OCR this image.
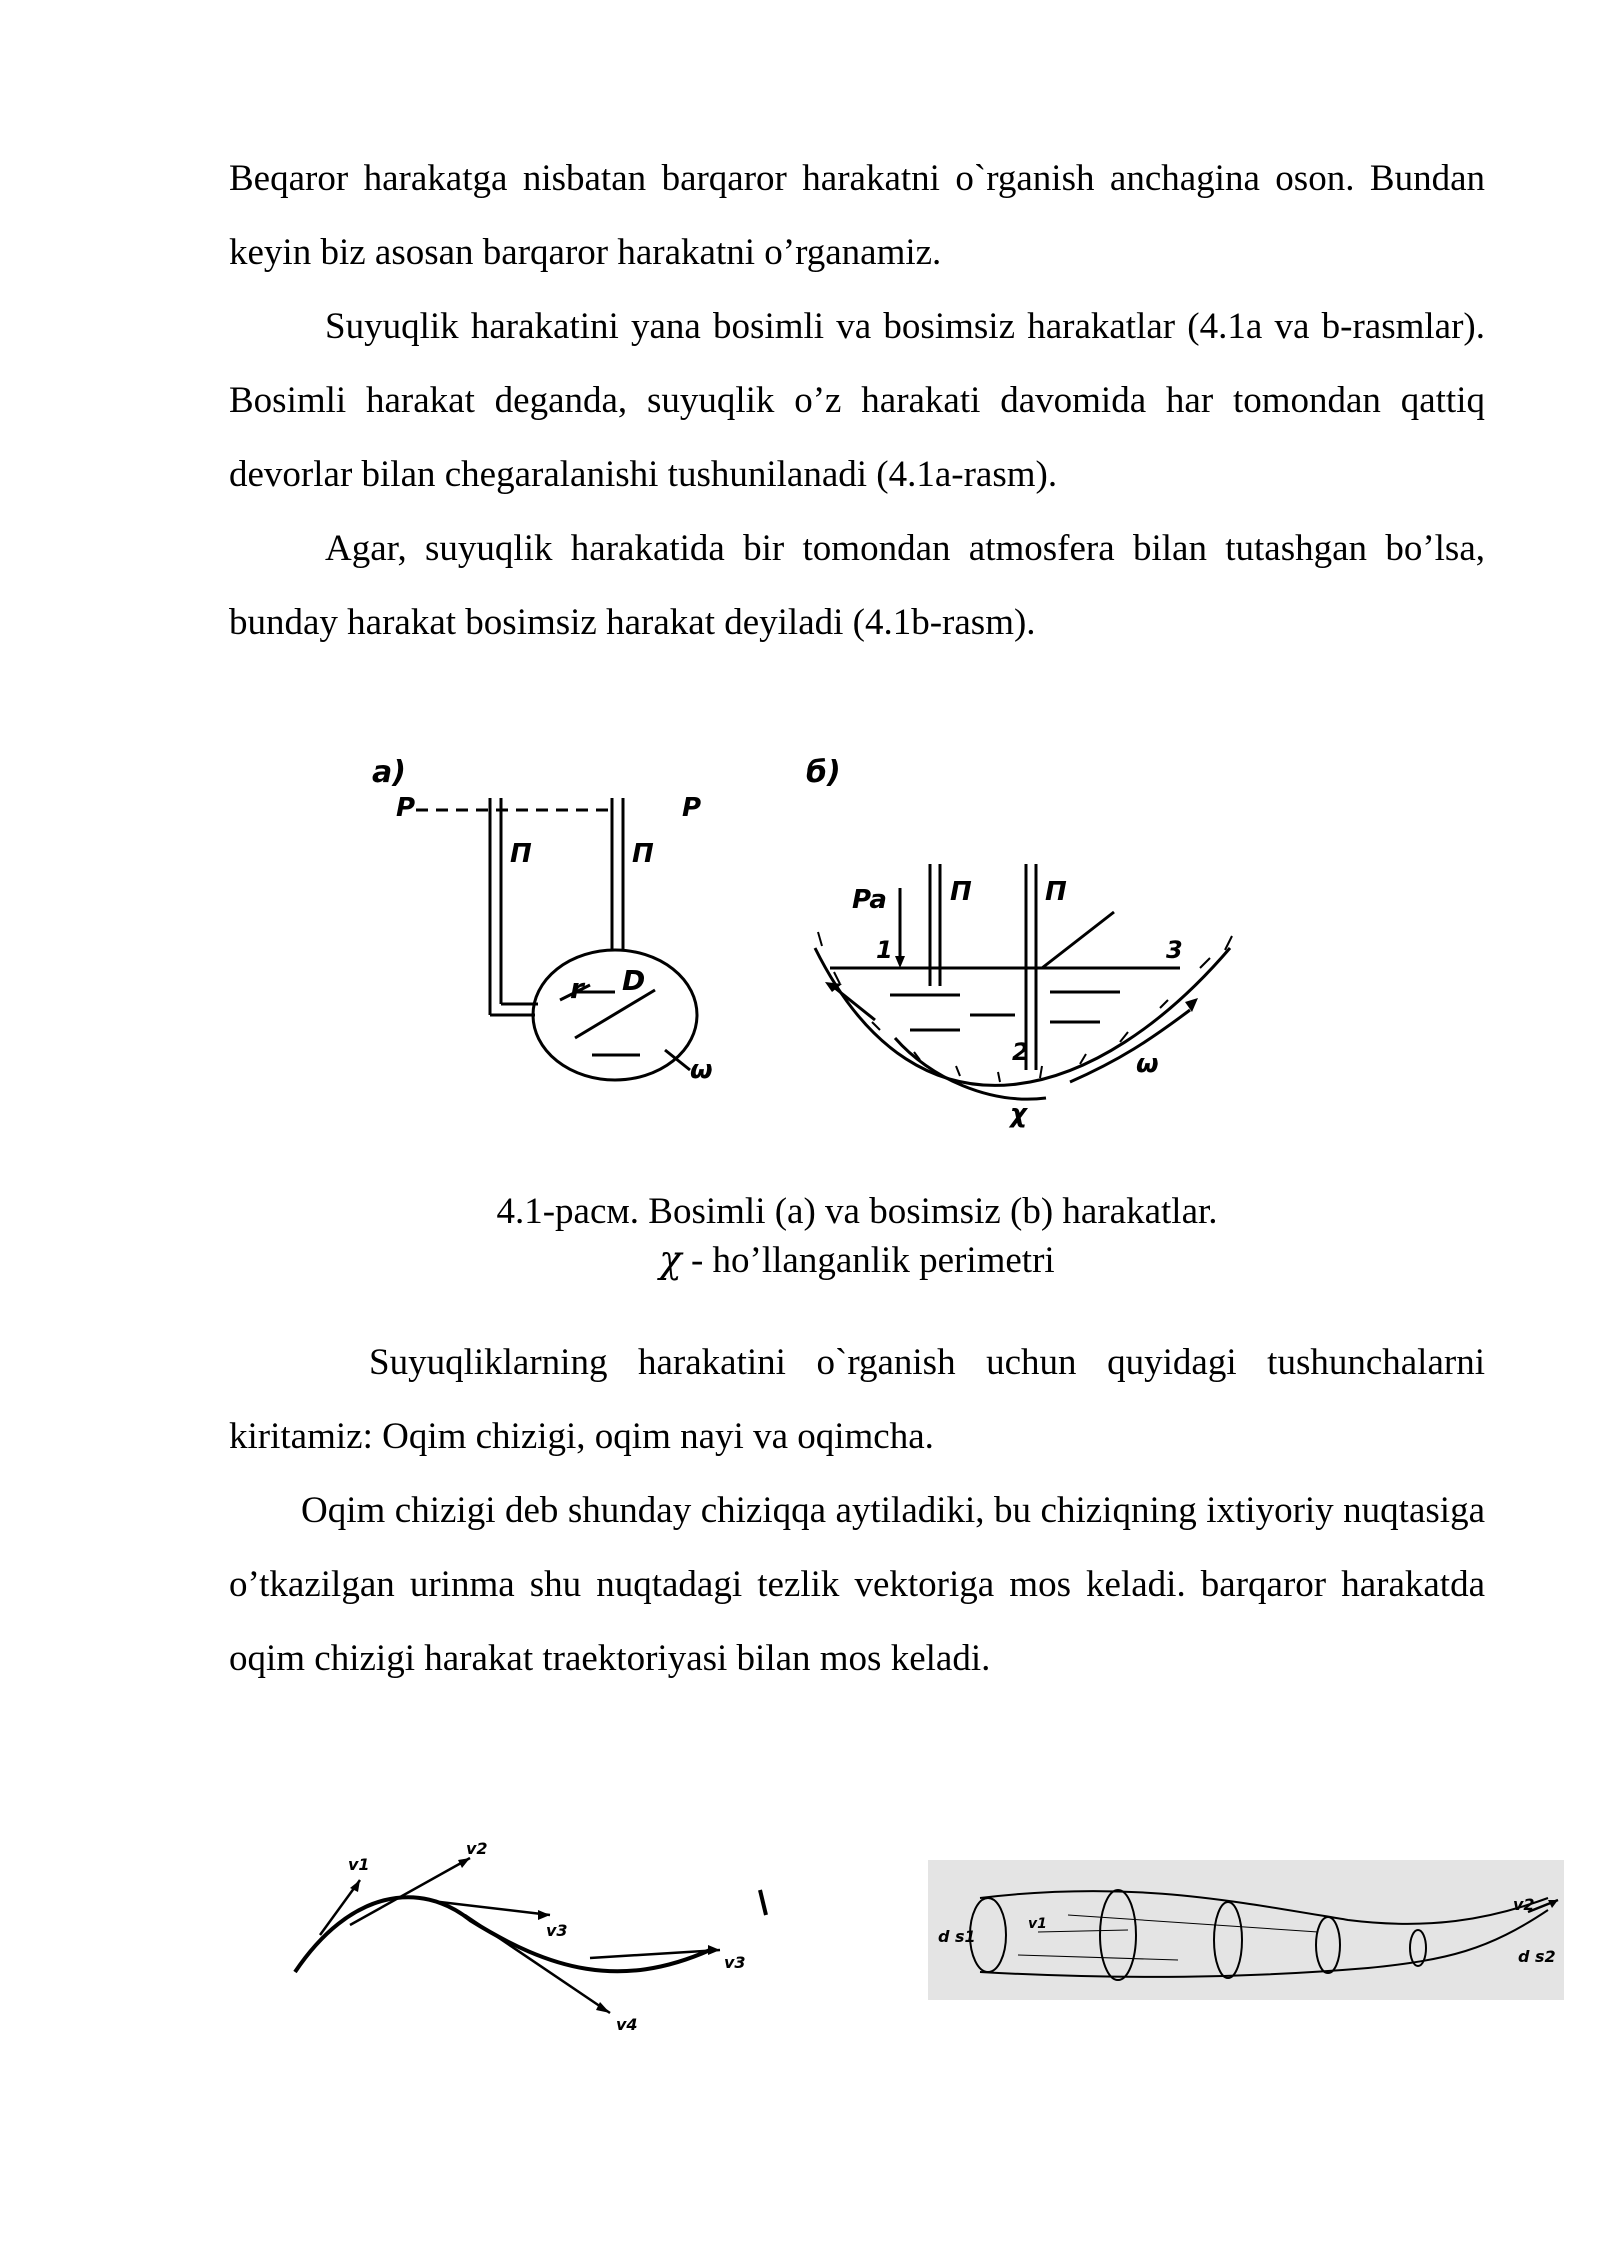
Beqaror harakatga nisbatan barqaror harakatni o`rganish anchagina oson. Bundan keyin biz asosan barqaror harakatni o’rganamiz.

Suyuqlik harakatini yana bosimli va bosimsiz harakatlar (4.1a va b-rasmlar). Bosimli harakat deganda, suyuqlik o’z harakati davomida har tomondan qattiq devorlar bilan chegaralanishi tushunilanadi (4.1a-rasm).

Agar, suyuqlik harakatida bir tomondan atmosfera bilan tutashgan bo’lsa, bunday harakat bosimsiz harakat deyiladi (4.1b-rasm).

a)
P	P
П	П
r D
ω
б)
Pa П	П
1
2
3
ω
χ
4.1-расм. Bosimli (a) va bosimsiz (b) harakatlar.
χ - ho’llanganlik perimetri

Suyuqliklarning harakatini o`rganish uchun quyidagi tushunchalarni kiritamiz: Oqim chizigi, oqim nayi va oqimcha.

Oqim chizigi deb shunday chiziqqa aytiladiki, bu chiziqning ixtiyoriy nuqtasiga o’tkazilgan urinma shu nuqtadagi tezlik vektoriga mos keladi. barqaror harakatda oqim chizigi harakat traektoriyasi bilan mos keladi.

v1
v2
v3
v3
v4
d s1
v1
v2
d s2
